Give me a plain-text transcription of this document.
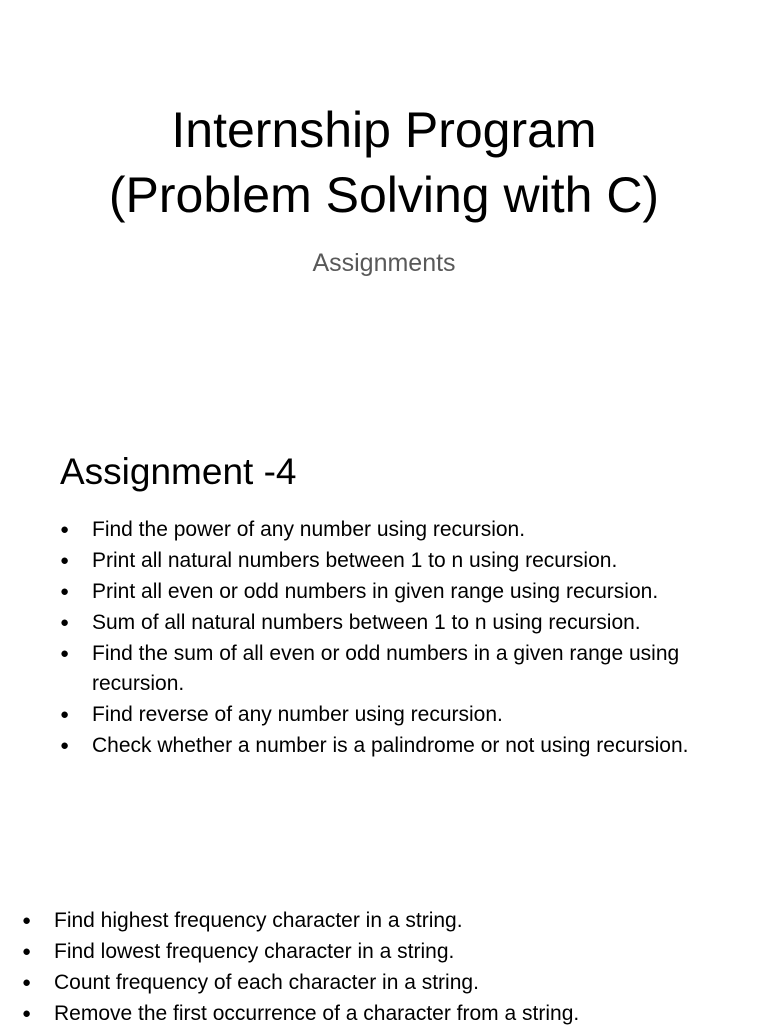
Internship Program
(Problem Solving with C)
Assignments
Assignment -4
●	Find the power of any number using recursion.
●	Print all natural numbers between 1 to n using recursion.
●	Print all even or odd numbers in given range using recursion.
●	Sum of all natural numbers between 1 to n using recursion.
●	Find the sum of all even or odd numbers in a given range using recursion.
●	Find reverse of any number using recursion.
●	Check whether a number is a palindrome or not using recursion.
●	Find highest frequency character in a string.
●	Find lowest frequency character in a string.
●	Count frequency of each character in a string.
●	Remove the first occurrence of a character from a string.
